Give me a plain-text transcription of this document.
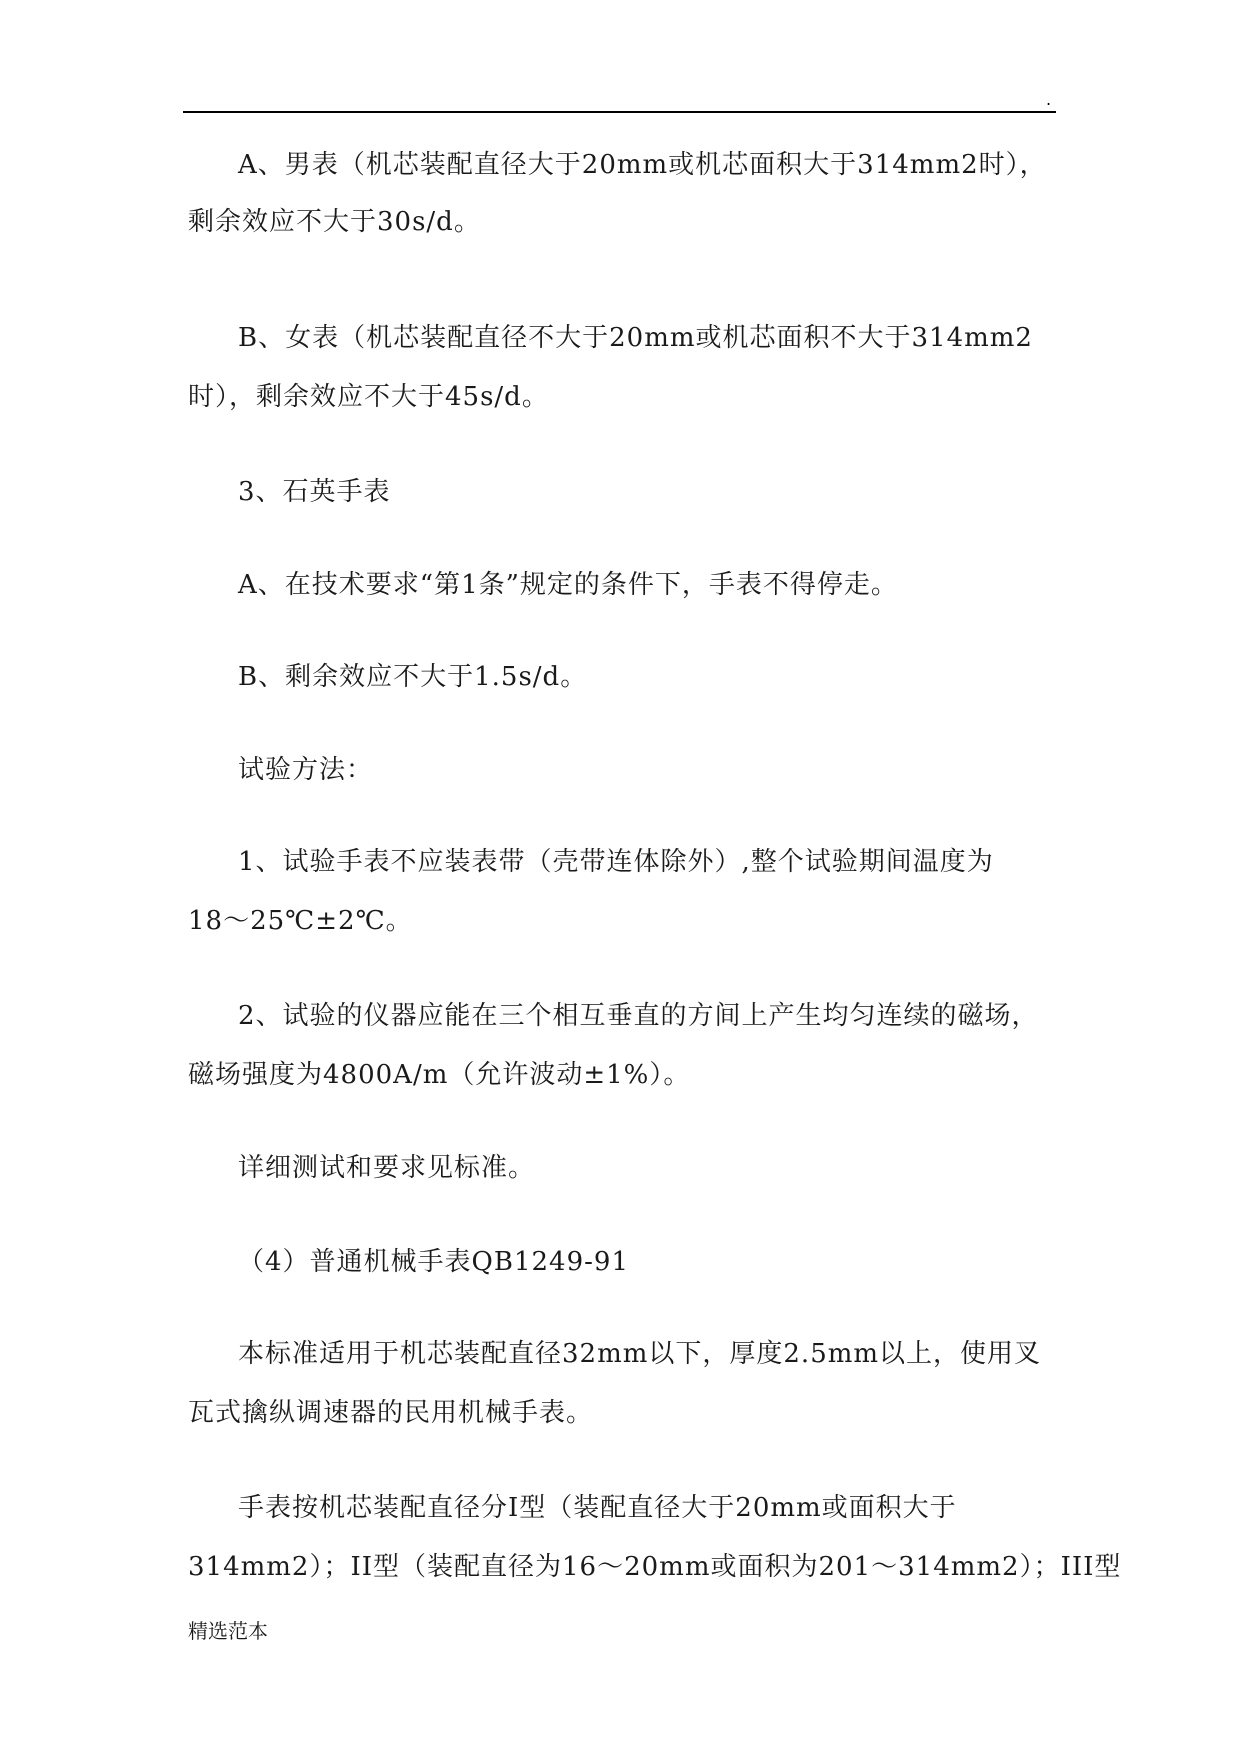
.
A、男表（机芯装配直径大于20mm或机芯面积大于314mm2时），
剩余效应不大于30s/d。
B、女表（机芯装配直径不大于20mm或机芯面积不大于314mm2
时），剩余效应不大于45s/d。
3、石英手表
A、在技术要求“第1条”规定的条件下，手表不得停走。
B、剩余效应不大于1.5s/d。
试验方法：
1、试验手表不应装表带（壳带连体除外）,整个试验期间温度为
18～25℃±2℃。
2、试验的仪器应能在三个相互垂直的方间上产生均匀连续的磁场，
磁场强度为4800A/m（允许波动±1%）。
详细测试和要求见标准。
（4）普通机械手表QB1249-91
本标准适用于机芯装配直径32mm以下，厚度2.5mm以上，使用叉
瓦式擒纵调速器的民用机械手表。
手表按机芯装配直径分I型（装配直径大于20mm或面积大于
314mm2）；II型（装配直径为16～20mm或面积为201～314mm2）；III型
精选范本
